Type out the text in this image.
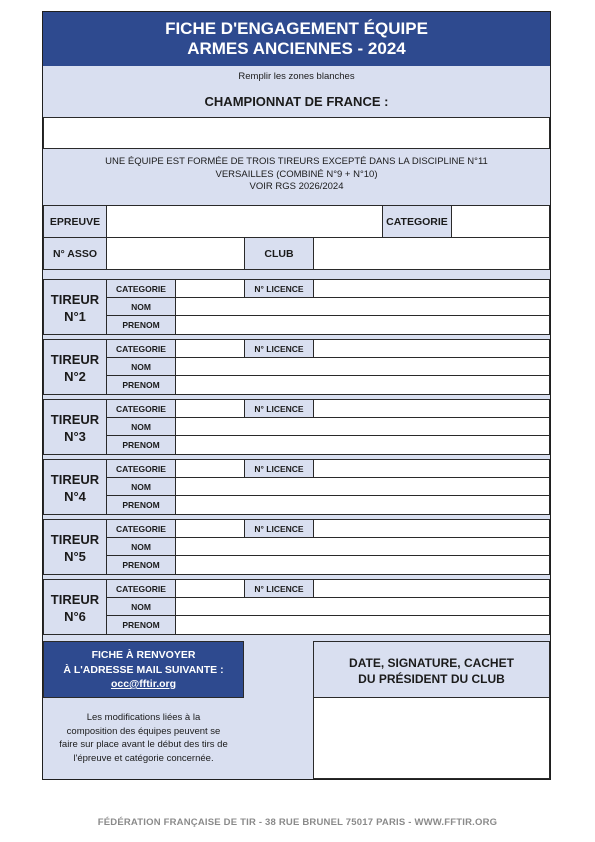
FICHE D'ENGAGEMENT ÉQUIPE
ARMES ANCIENNES - 2024
Remplir les zones blanches
CHAMPIONNAT DE FRANCE :
UNE ÉQUIPE EST FORMÉE DE TROIS TIREURS EXCEPTÉ DANS LA DISCIPLINE N°11
VERSAILLES (COMBINÉ N°9 + N°10)
VOIR RGS 2026/2024
EPREUVE	CATEGORIE
N° ASSO	CLUB
TIREUR
N°1
CATEGORIE	N° LICENCE
NOM
PRENOM
TIREUR
N°2
CATEGORIE	N° LICENCE
NOM
PRENOM
TIREUR
N°3
CATEGORIE	N° LICENCE
NOM
PRENOM
TIREUR
N°4
CATEGORIE	N° LICENCE
NOM
PRENOM
TIREUR
N°5
CATEGORIE	N° LICENCE
NOM
PRENOM
TIREUR
N°6
CATEGORIE	N° LICENCE
NOM
PRENOM
FICHE À RENVOYER
À L'ADRESSE MAIL SUIVANTE :
occ@fftir.org
Les modifications liées à la
composition des équipes peuvent se
faire sur place avant le début des tirs de
l'épreuve et catégorie concernée.
DATE, SIGNATURE, CACHET
DU PRÉSIDENT DU CLUB
FÉDÉRATION FRANÇAISE DE TIR - 38 RUE BRUNEL 75017 PARIS - WWW.FFTIR.ORG
